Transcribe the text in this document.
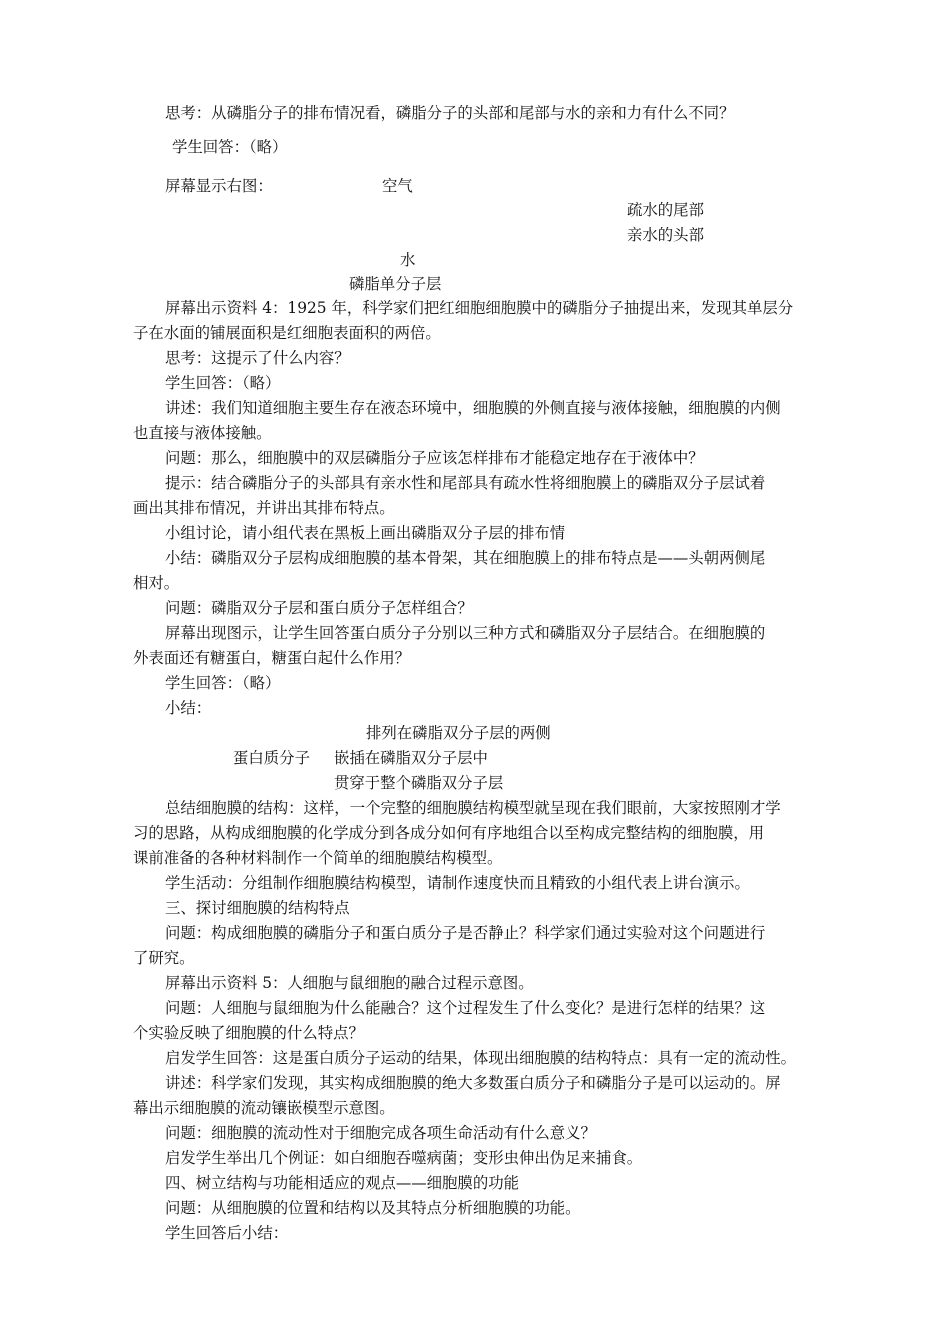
思考：从磷脂分子的排布情况看，磷脂分子的头部和尾部与水的亲和力有什么不同？
学生回答：（略）
屏幕显示右图：	空气
疏水的尾部
亲水的头部
水
磷脂单分子层
屏幕出示资料 4：1925 年，科学家们把红细胞细胞膜中的磷脂分子抽提出来，发现其单层分
子在水面的铺展面积是红细胞表面积的两倍。
思考：这提示了什么内容？
学生回答：（略）
讲述：我们知道细胞主要生存在液态环境中，细胞膜的外侧直接与液体接触，细胞膜的内侧
也直接与液体接触。
问题：那么，细胞膜中的双层磷脂分子应该怎样排布才能稳定地存在于液体中？
提示：结合磷脂分子的头部具有亲水性和尾部具有疏水性将细胞膜上的磷脂双分子层试着
画出其排布情况，并讲出其排布特点。
小组讨论，请小组代表在黑板上画出磷脂双分子层的排布情
小结：磷脂双分子层构成细胞膜的基本骨架，其在细胞膜上的排布特点是——头朝两侧尾
相对。
问题：磷脂双分子层和蛋白质分子怎样组合？
屏幕出现图示，让学生回答蛋白质分子分别以三种方式和磷脂双分子层结合。在细胞膜的
外表面还有糖蛋白，糖蛋白起什么作用？
学生回答：（略）
小结：
排列在磷脂双分子层的两侧
蛋白质分子 嵌插在磷脂双分子层中
贯穿于整个磷脂双分子层
总结细胞膜的结构：这样，一个完整的细胞膜结构模型就呈现在我们眼前，大家按照刚才学
习的思路，从构成细胞膜的化学成分到各成分如何有序地组合以至构成完整结构的细胞膜，用
课前准备的各种材料制作一个简单的细胞膜结构模型。
学生活动：分组制作细胞膜结构模型，请制作速度快而且精致的小组代表上讲台演示。
三、探讨细胞膜的结构特点
问题：构成细胞膜的磷脂分子和蛋白质分子是否静止？科学家们通过实验对这个问题进行
了研究。
屏幕出示资料 5：人细胞与鼠细胞的融合过程示意图。
问题：人细胞与鼠细胞为什么能融合？这个过程发生了什么变化？是进行怎样的结果？这
个实验反映了细胞膜的什么特点？
启发学生回答：这是蛋白质分子运动的结果，体现出细胞膜的结构特点：具有一定的流动性。
讲述：科学家们发现，其实构成细胞膜的绝大多数蛋白质分子和磷脂分子是可以运动的。屏
幕出示细胞膜的流动镶嵌模型示意图。
问题：细胞膜的流动性对于细胞完成各项生命活动有什么意义？
启发学生举出几个例证：如白细胞吞噬病菌；变形虫伸出伪足来捕食。
四、树立结构与功能相适应的观点——细胞膜的功能
问题：从细胞膜的位置和结构以及其特点分析细胞膜的功能。
学生回答后小结：
